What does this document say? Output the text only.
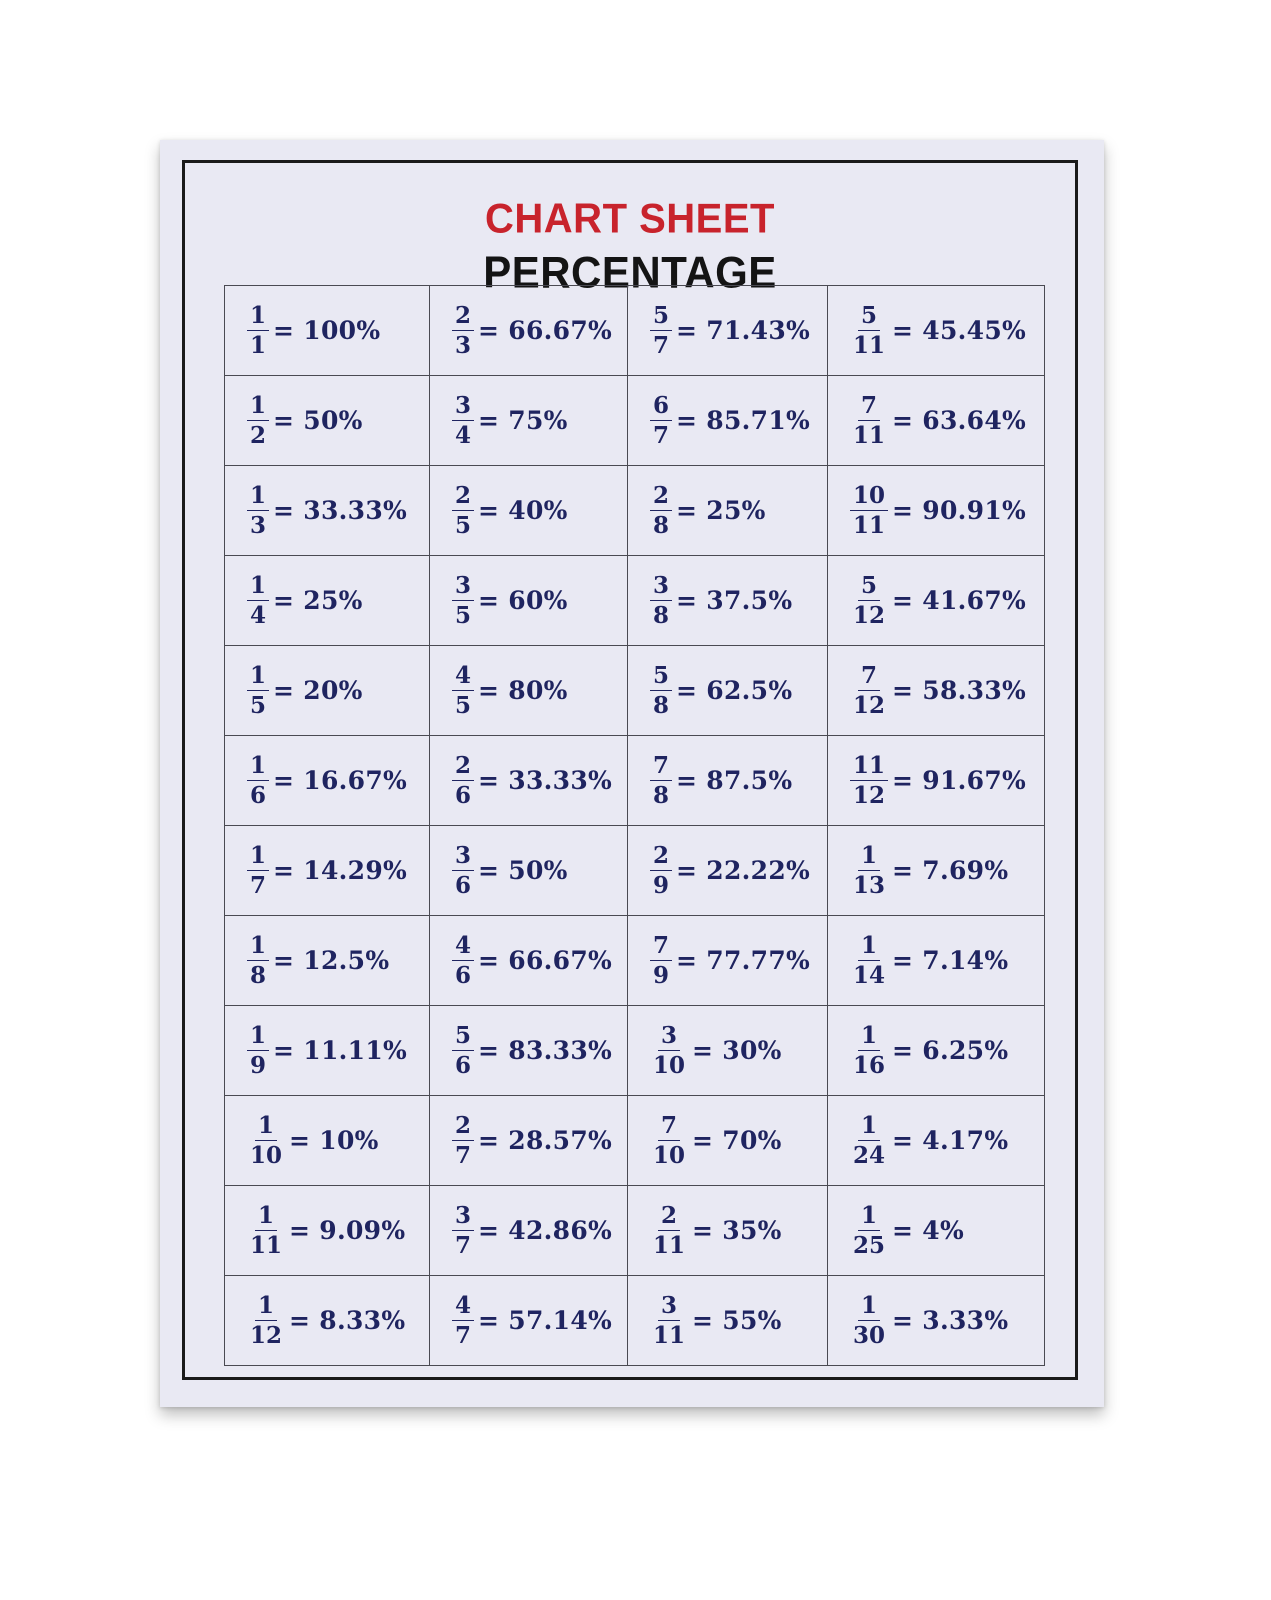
CHART SHEET
PERCENTAGE
$\frac{1}{1} = 100\%$	$\frac{2}{3} = 66.67\%$	$\frac{5}{7} = 71.43\%$	$\frac{5}{11} = 45.45\%$

$\frac{1}{2} = 50\%$	$\frac{3}{4} = 75\%$	$\frac{6}{7} = 85.71\%$	$\frac{7}{11} = 63.64\%$

$\frac{1}{3} = 33.33\%$	$\frac{2}{5} = 40\%$	$\frac{2}{8} = 25\%$	$\frac{10}{11} = 90.91\%$

$\frac{1}{4} = 25\%$	$\frac{3}{5} = 60\%$	$\frac{3}{8} = 37.5\%$	$\frac{5}{12} = 41.67\%$

$\frac{1}{5} = 20\%$	$\frac{4}{5} = 80\%$	$\frac{5}{8} = 62.5\%$	$\frac{7}{12} = 58.33\%$

$\frac{1}{6} = 16.67\%$	$\frac{2}{6} = 33.33\%$	$\frac{7}{8} = 87.5\%$	$\frac{11}{12} = 91.67\%$

$\frac{1}{7} = 14.29\%$	$\frac{3}{6} = 50\%$	$\frac{2}{9} = 22.22\%$	$\frac{1}{13} = 7.69\%$

$\frac{1}{8} = 12.5\%$	$\frac{4}{6} = 66.67\%$	$\frac{7}{9} = 77.77\%$	$\frac{1}{14} = 7.14\%$

$\frac{1}{9} = 11.11\%$	$\frac{5}{6} = 83.33\%$	$\frac{3}{10} = 30\%$	$\frac{1}{16} = 6.25\%$

$\frac{1}{10} = 10\%$	$\frac{2}{7} = 28.57\%$	$\frac{7}{10} = 70\%$	$\frac{1}{24} = 4.17\%$

$\frac{1}{11} = 9.09\%$	$\frac{3}{7} = 42.86\%$	$\frac{2}{11} = 35\%$	$\frac{1}{25} = 4\%$

$\frac{1}{12} = 8.33\%$	$\frac{4}{7} = 57.14\%$	$\frac{3}{11} = 55\%$	$\frac{1}{30} = 3.33\%$
